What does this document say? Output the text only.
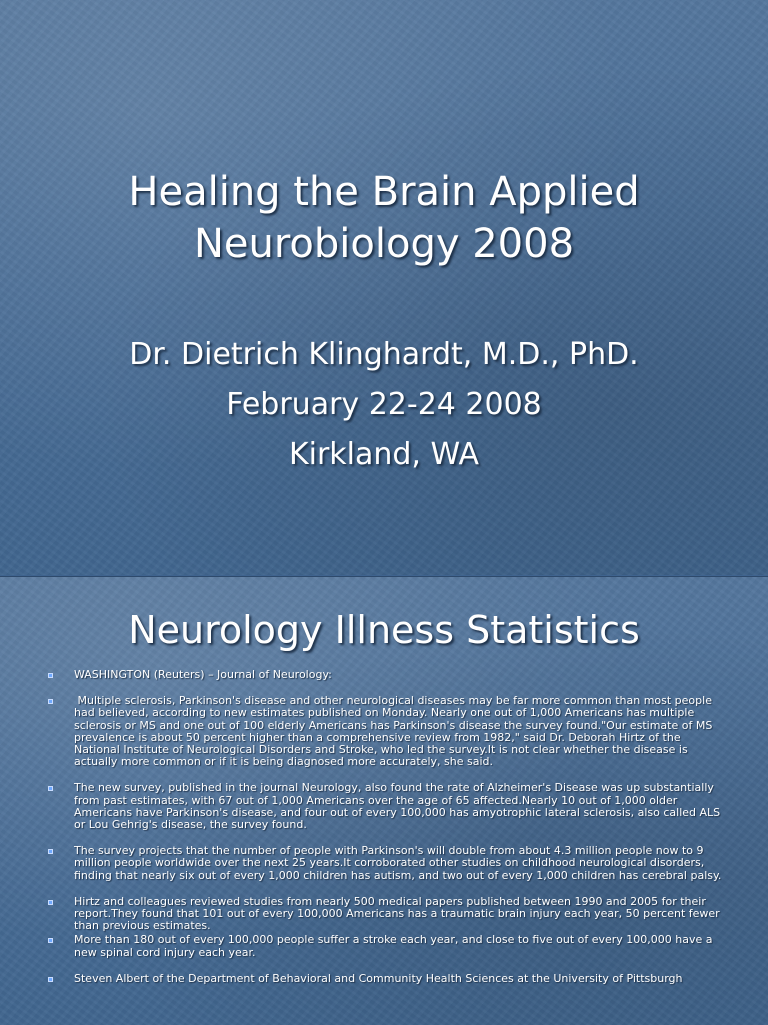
Healing the Brain Applied
Neurobiology 2008
Dr. Dietrich Klinghardt, M.D., PhD.
February 22-24 2008
Kirkland, WA
Neurology Illness Statistics
WASHINGTON (Reuters) – Journal of Neurology:
Multiple sclerosis, Parkinson's disease and other neurological diseases may be far more common than most people had believed, according to new estimates published on Monday. Nearly one out of 1,000 Americans has multiple sclerosis or MS and one out of 100 elderly Americans has Parkinson's disease the survey found."Our estimate of MS prevalence is about 50 percent higher than a comprehensive review from 1982," said Dr. Deborah Hirtz of the National Institute of Neurological Disorders and Stroke, who led the survey.It is not clear whether the disease is actually more common or if it is being diagnosed more accurately, she said.
The new survey, published in the journal Neurology, also found the rate of Alzheimer's Disease was up substantially from past estimates, with 67 out of 1,000 Americans over the age of 65 affected.Nearly 10 out of 1,000 older Americans have Parkinson's disease, and four out of every 100,000 has amyotrophic lateral sclerosis, also called ALS or Lou Gehrig's disease, the survey found.
The survey projects that the number of people with Parkinson's will double from about 4.3 million people now to 9 million people worldwide over the next 25 years.It corroborated other studies on childhood neurological disorders, finding that nearly six out of every 1,000 children has autism, and two out of every 1,000 children has cerebral palsy.
Hirtz and colleagues reviewed studies from nearly 500 medical papers published between 1990 and 2005 for their report.They found that 101 out of every 100,000 Americans has a traumatic brain injury each year, 50 percent fewer than previous estimates.
More than 180 out of every 100,000 people suffer a stroke each year, and close to five out of every 100,000 have a new spinal cord injury each year.
Steven Albert of the Department of Behavioral and Community Health Sciences at the University of Pittsburgh
